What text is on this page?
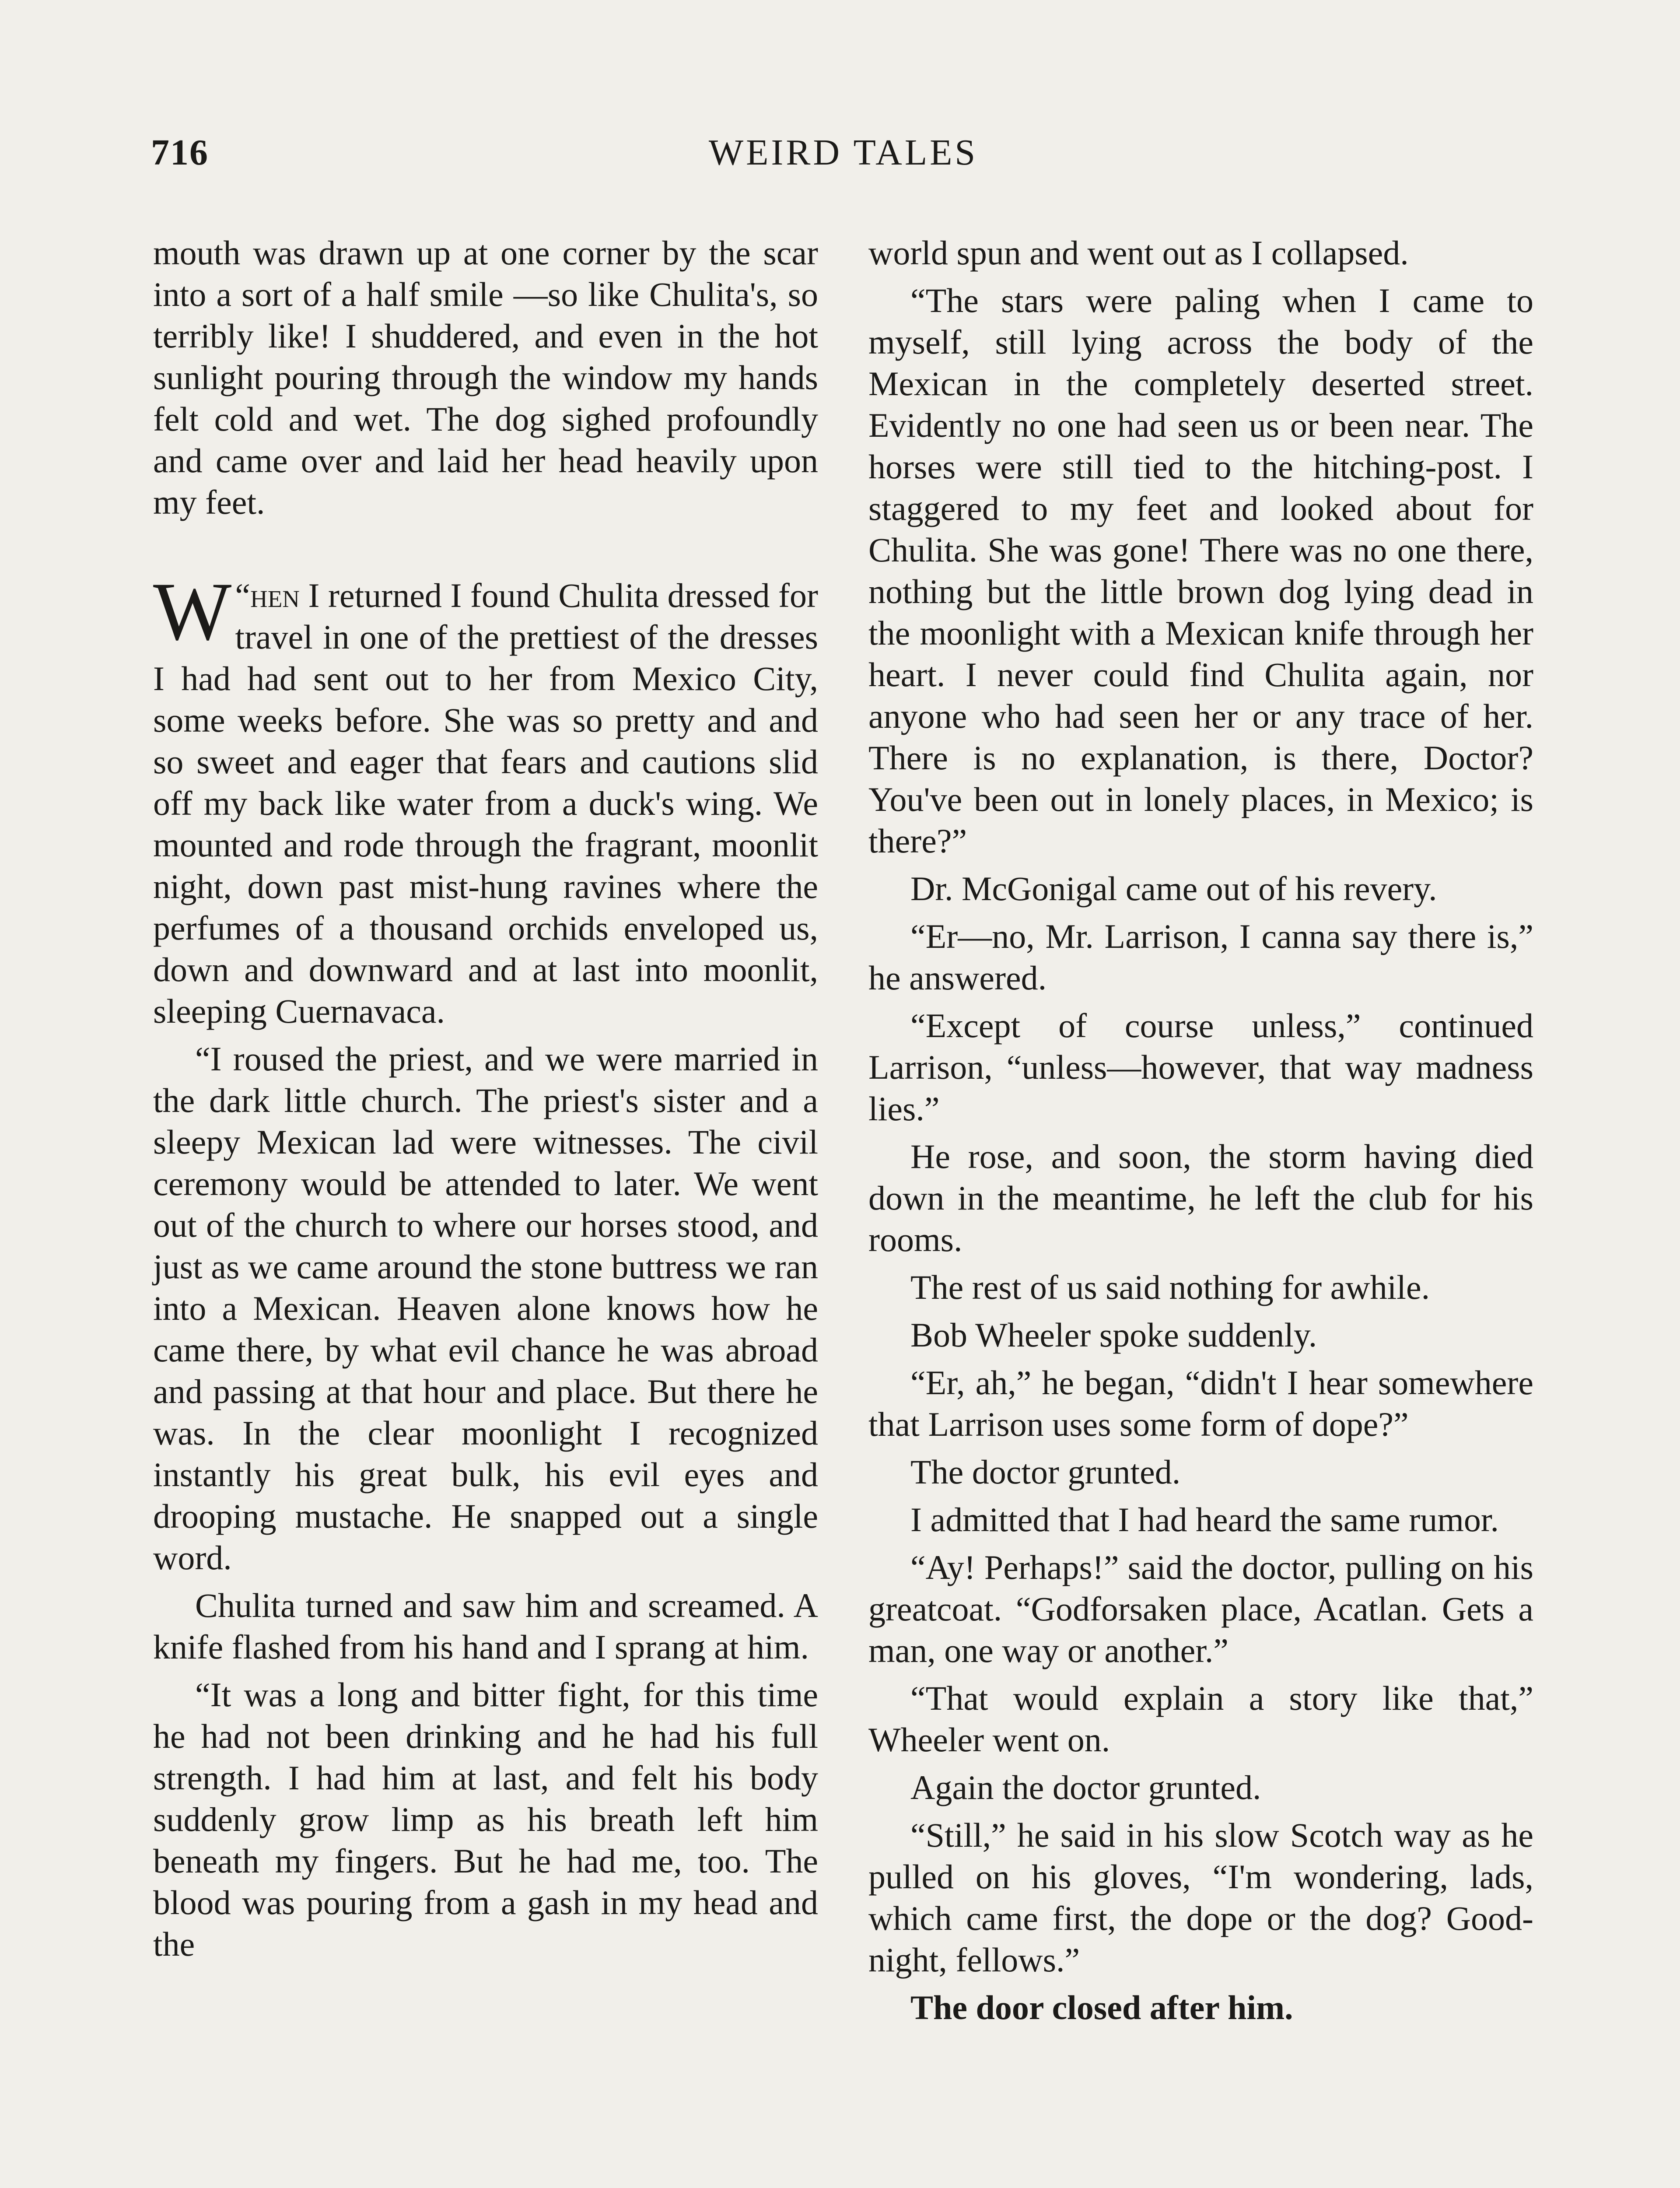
716	WEIRD TALES

mouth was drawn up at one corner by the scar into a sort of a half smile —so like Chulita's, so terribly like! I shuddered, and even in the hot sunlight pouring through the window my hands felt cold and wet. The dog sighed profoundly and came over and laid her head heavily upon my feet.

“
W hen I returned I found Chulita dressed for travel in one of the prettiest of the dresses I had had sent out to her from Mexico City, some weeks before. She was so pretty and and so sweet and eager that fears and cautions slid off my back like water from a duck's wing. We mounted and rode through the fragrant, moonlit night, down past mist-hung ravines where the perfumes of a thousand orchids enveloped us, down and downward and at last into moonlit, sleeping Cuernavaca.

“I roused the priest, and we were married in the dark little church. The priest's sister and a sleepy Mexican lad were witnesses. The civil ceremony would be attended to later. We went out of the church to where our horses stood, and just as we came around the stone buttress we ran into a Mexican. Heaven alone knows how he came there, by what evil chance he was abroad and passing at that hour and place. But there he was. In the clear moonlight I recognized instantly his great bulk, his evil eyes and drooping mustache. He snapped out a single word.

Chulita turned and saw him and screamed. A knife flashed from his hand and I sprang at him.

“It was a long and bitter fight, for this time he had not been drinking and he had his full strength. I had him at last, and felt his body suddenly grow limp as his breath left him beneath my fingers. But he had me, too. The blood was pouring from a gash in my head and the

world spun and went out as I collapsed.

“The stars were paling when I came to myself, still lying across the body of the Mexican in the completely deserted street. Evidently no one had seen us or been near. The horses were still tied to the hitching-post. I staggered to my feet and looked about for Chulita. She was gone! There was no one there, nothing but the little brown dog lying dead in the moonlight with a Mexican knife through her heart. I never could find Chulita again, nor anyone who had seen her or any trace of her. There is no explanation, is there, Doctor? You've been out in lonely places, in Mexico; is there?”

Dr. McGonigal came out of his revery.

“Er—no, Mr. Larrison, I canna say there is,” he answered.

“Except of course unless,” continued Larrison, “unless—however, that way madness lies.”

He rose, and soon, the storm having died down in the meantime, he left the club for his rooms.

The rest of us said nothing for awhile.

Bob Wheeler spoke suddenly.

“Er, ah,” he began, “didn't I hear somewhere that Larrison uses some form of dope?”

The doctor grunted.

I admitted that I had heard the same rumor.

“Ay! Perhaps!” said the doctor, pulling on his greatcoat. “Godforsaken place, Acatlan. Gets a man, one way or another.”

“That would explain a story like that,” Wheeler went on.

Again the doctor grunted.

“Still,” he said in his slow Scotch way as he pulled on his gloves, “I'm wondering, lads, which came first, the dope or the dog? Good-night, fellows.”

The door closed after him.
